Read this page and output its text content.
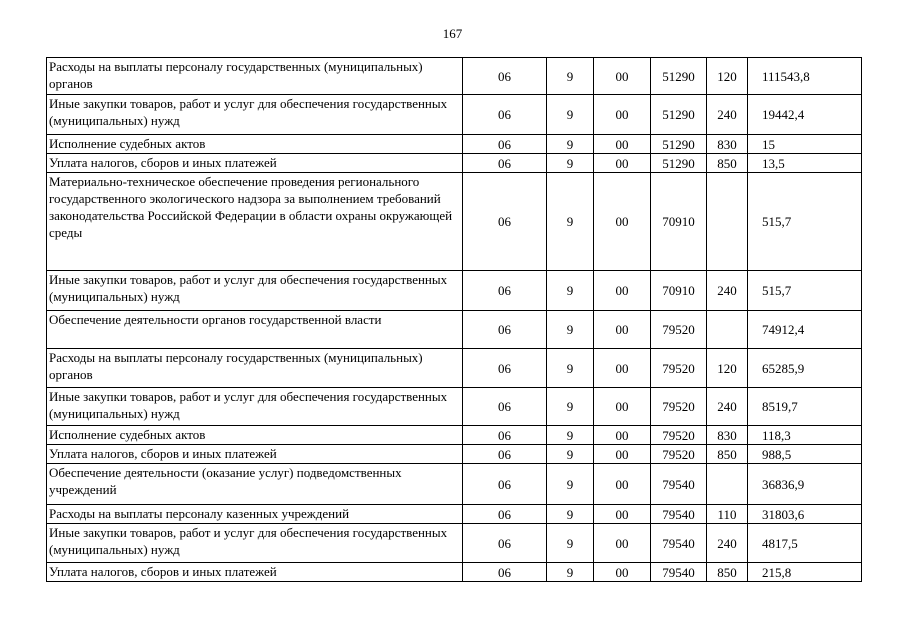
167
Расходы на выплаты персоналу государственных (муниципальных) органов	06	9	00	51290	120	111543,8
Иные закупки товаров, работ и услуг для обеспечения государственных (муниципальных) нужд	06	9	00	51290	240	19442,4
Исполнение судебных актов	06	9	00	51290	830	15
Уплата налогов, сборов и иных платежей	06	9	00	51290	850	13,5
Материально-техническое обеспечение проведения регионального государственного экологического надзора за выполнением требований законодательства Российской Федерации в области охраны окружающей среды	06	9	00	70910		515,7
Иные закупки товаров, работ и услуг для обеспечения государственных (муниципальных) нужд	06	9	00	70910	240	515,7
Обеспечение деятельности органов государственной власти	06	9	00	79520		74912,4
Расходы на выплаты персоналу государственных (муниципальных) органов	06	9	00	79520	120	65285,9
Иные закупки товаров, работ и услуг для обеспечения государственных (муниципальных) нужд	06	9	00	79520	240	8519,7
Исполнение судебных актов	06	9	00	79520	830	118,3
Уплата налогов, сборов и иных платежей	06	9	00	79520	850	988,5
Обеспечение деятельности (оказание услуг) подведомственных учреждений	06	9	00	79540		36836,9
Расходы на выплаты персоналу казенных учреждений	06	9	00	79540	110	31803,6
Иные закупки товаров, работ и услуг для обеспечения государственных (муниципальных) нужд	06	9	00	79540	240	4817,5
Уплата налогов, сборов и иных платежей	06	9	00	79540	850	215,8
